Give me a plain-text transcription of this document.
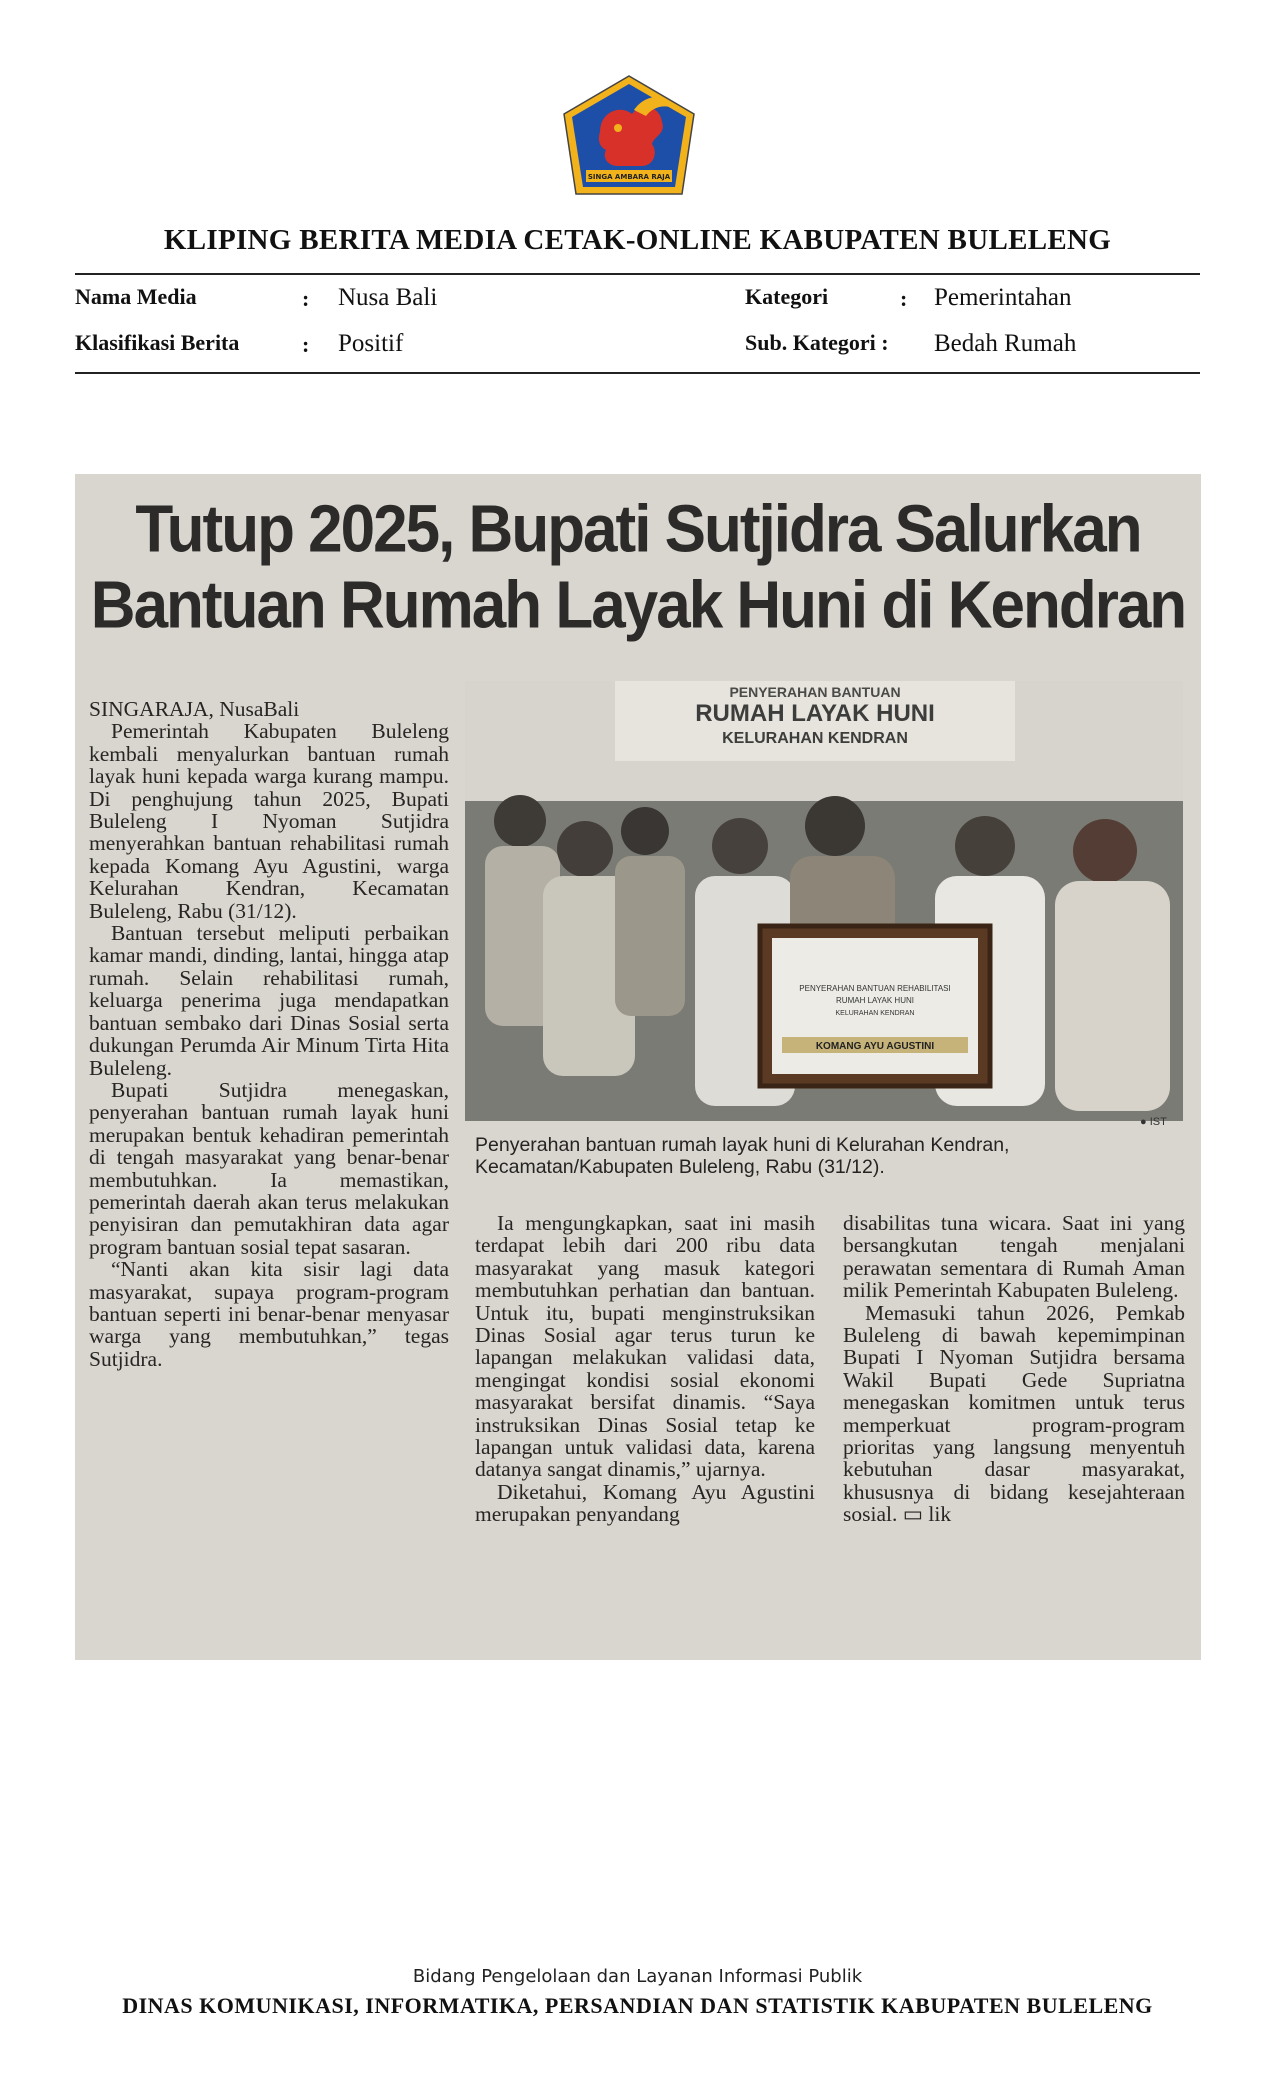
SINGA AMBARA RAJA
KLIPING BERITA MEDIA CETAK-ONLINE KABUPATEN BULELENG
Nama Media	: Nusa Bali	Kategori	: Pemerintahan
Klasifikasi Berita	: Positif	Sub. Kategori : Bedah Rumah
Tutup 2025, Bupati Sutjidra Salurkan
Bantuan Rumah Layak Huni di Kendran

SINGARAJA, NusaBali

Pemerintah Kabupaten Buleleng kembali menyalurkan bantuan rumah layak huni kepada warga kurang mampu. Di penghujung tahun 2025, Bupati Buleleng I Nyoman Sutjidra menyerahkan bantuan rehabilitasi rumah kepada Komang Ayu Agustini, warga Kelurahan Kendran, Kecamatan Buleleng, Rabu (31/12).

Bantuan tersebut meliputi perbaikan kamar mandi, dinding, lantai, hingga atap rumah. Selain rehabilitasi rumah, keluarga penerima juga mendapatkan bantuan sembako dari Dinas Sosial serta dukungan Perumda Air Minum Tirta Hita Buleleng.

Bupati Sutjidra menegaskan, penyerahan bantuan rumah layak huni merupakan bentuk kehadiran pemerintah di tengah masyarakat yang benar-benar membutuhkan. Ia memastikan, pemerintah daerah akan terus melakukan penyisiran dan pemutakhiran data agar program bantuan sosial tepat sasaran.

“Nanti akan kita sisir lagi data masyarakat, supaya program-program bantuan seperti ini benar-benar menyasar warga yang membutuhkan,” tegas Sutjidra.

PENYERAHAN BANTUAN
RUMAH LAYAK HUNI
KELURAHAN KENDRAN
PENYERAHAN BANTUAN REHABILITASI
RUMAH LAYAK HUNI
KELURAHAN KENDRAN
KOMANG AYU AGUSTINI
● IST
Penyerahan bantuan rumah layak huni di Kelurahan Kendran, Kecamatan/Kabupaten Buleleng, Rabu (31/12).

Ia mengungkapkan, saat ini masih terdapat lebih dari 200 ribu data masyarakat yang masuk kategori membutuhkan perhatian dan bantuan. Untuk itu, bupati menginstruksikan Dinas Sosial agar terus turun ke lapangan melakukan validasi data, mengingat kondisi sosial ekonomi masyarakat bersifat dinamis. “Saya instruksikan Dinas Sosial tetap ke lapangan untuk validasi data, karena datanya sangat dinamis,” ujarnya.

Diketahui, Komang Ayu Agustini merupakan penyandang

disabilitas tuna wicara. Saat ini yang bersangkutan tengah menjalani perawatan sementara di Rumah Aman milik Pemerintah Kabupaten Buleleng.

Memasuki tahun 2026, Pemkab Buleleng di bawah kepemimpinan Bupati I Nyoman Sutjidra bersama Wakil Bupati Gede Supriatna menegaskan komitmen untuk terus memperkuat program-program prioritas yang langsung menyentuh kebutuhan dasar masyarakat, khususnya di bidang kesejahteraan sosial. ▭ lik

Bidang Pengelolaan dan Layanan Informasi Publik
DINAS KOMUNIKASI, INFORMATIKA, PERSANDIAN DAN STATISTIK KABUPATEN BULELENG
